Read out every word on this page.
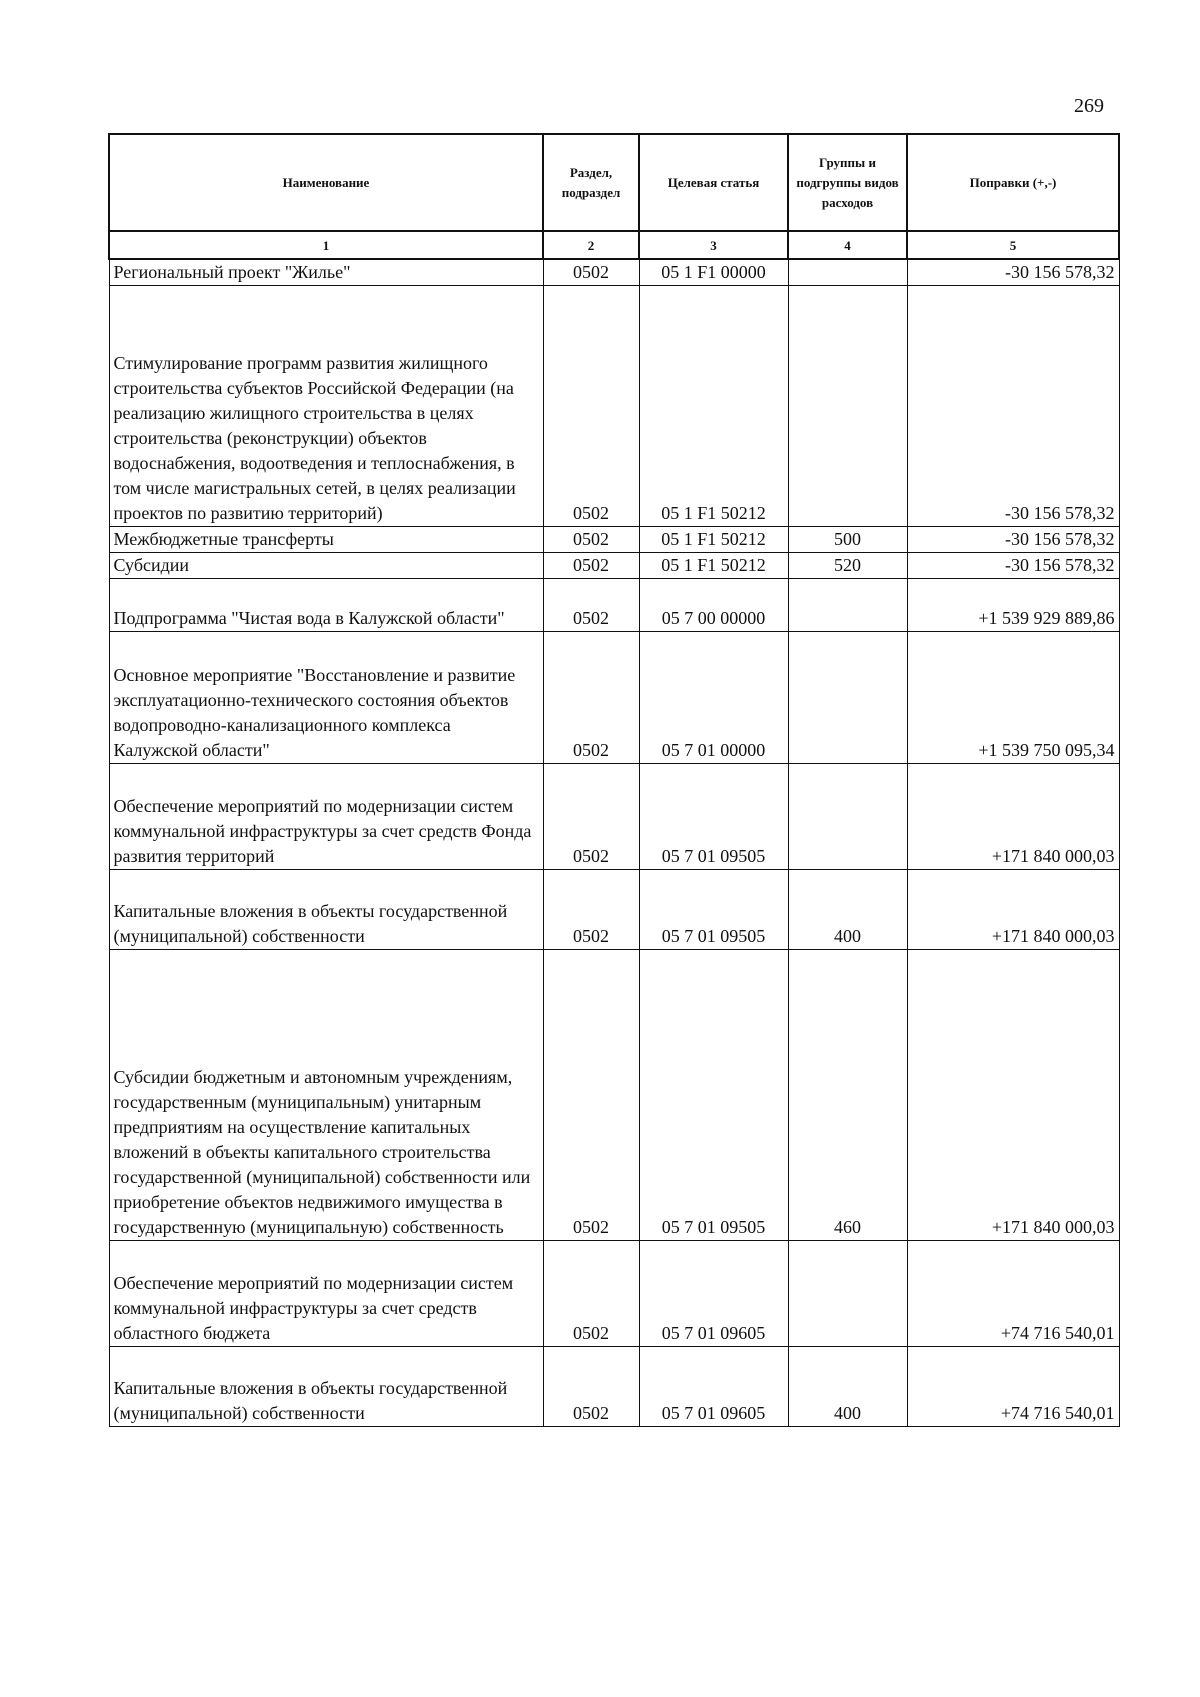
269
Наименование	Раздел, подраздел	Целевая статья	Группы и подгруппы видов расходов	Поправки (+,-)
1	2	3	4	5
Региональный проект "Жилье"	0502	05 1 F1 00000		-30 156 578,32
Стимулирование программ развития жилищного строительства субъектов Российской Федерации (на реализацию жилищного строительства в целях строительства (реконструкции) объектов водоснабжения, водоотведения и теплоснабжения, в том числе магистральных сетей, в целях реализации проектов по развитию территорий)	0502	05 1 F1 50212		-30 156 578,32
Межбюджетные трансферты	0502	05 1 F1 50212	500	-30 156 578,32
Субсидии	0502	05 1 F1 50212	520	-30 156 578,32
Подпрограмма "Чистая вода в Калужской области"	0502	05 7 00 00000		+1 539 929 889,86
Основное мероприятие "Восстановление и развитие эксплуатационно-технического состояния объектов водопроводно-канализационного комплекса Калужской области"	0502	05 7 01 00000		+1 539 750 095,34
Обеспечение мероприятий по модернизации систем коммунальной инфраструктуры за счет средств Фонда развития территорий	0502	05 7 01 09505		+171 840 000,03
Капитальные вложения в объекты государственной (муниципальной) собственности	0502	05 7 01 09505	400	+171 840 000,03
Субсидии бюджетным и автономным учреждениям, государственным (муниципальным) унитарным предприятиям на осуществление капитальных вложений в объекты капитального строительства государственной (муниципальной) собственности или приобретение объектов недвижимого имущества в государственную (муниципальную) собственность	0502	05 7 01 09505	460	+171 840 000,03
Обеспечение мероприятий по модернизации систем коммунальной инфраструктуры за счет средств областного бюджета	0502	05 7 01 09605		+74 716 540,01
Капитальные вложения в объекты государственной (муниципальной) собственности	0502	05 7 01 09605	400	+74 716 540,01
